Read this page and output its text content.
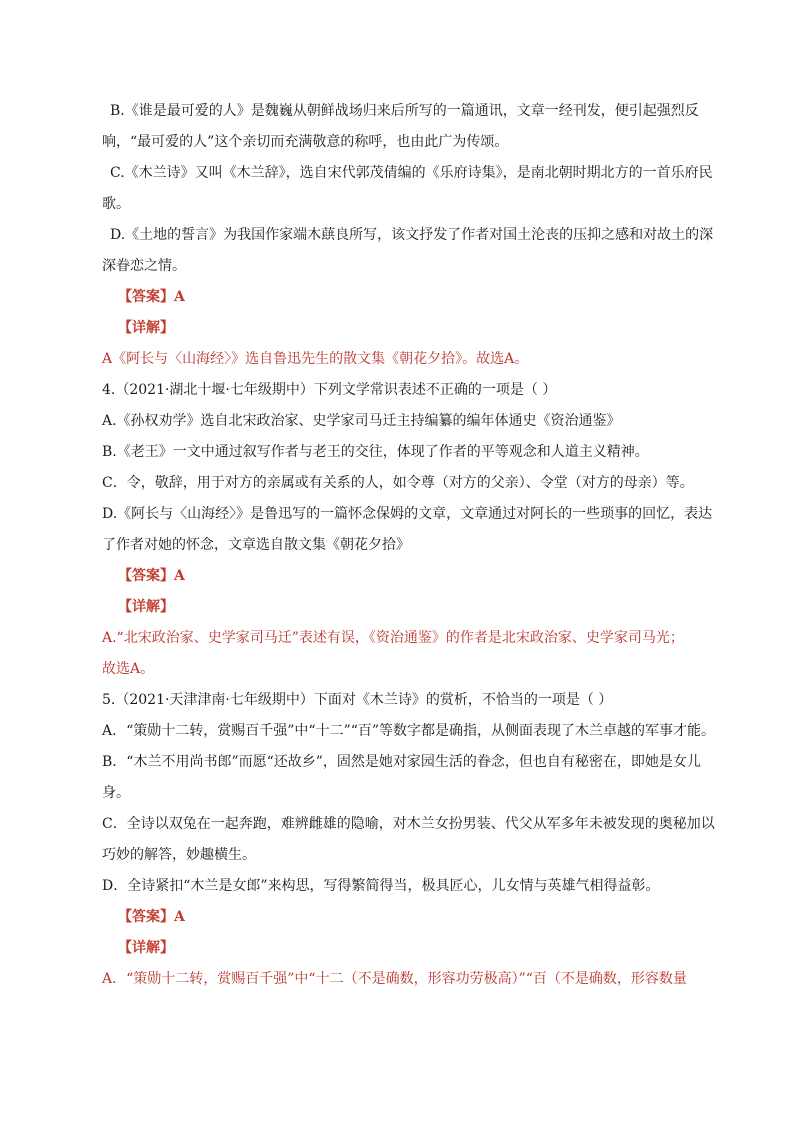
B.《谁是最可爱的人》是魏巍从朝鲜战场归来后所写的一篇通讯，文章一经刊发，便引起强烈反响，“最可爱的人”这个亲切而充满敬意的称呼，也由此广为传颂。

C.《木兰诗》又叫《木兰辞》，选自宋代郭茂倩编的《乐府诗集》，是南北朝时期北方的一首乐府民歌。

D.《土地的誓言》为我国作家端木蕻良所写，该文抒发了作者对国土沦丧的压抑之感和对故土的深深眷恋之情。

【答案】A

【详解】

A《阿长与〈山海经〉》选自鲁迅先生的散文集《朝花夕拾》。故选A。

4.（2021·湖北十堰·七年级期中）下列文学常识表述不正确的一项是（ ）

A.《孙权劝学》选自北宋政治家、史学家司马迁主持编纂的编年体通史《资治通鉴》

B.《老王》一文中通过叙写作者与老王的交往，体现了作者的平等观念和人道主义精神。

C．令，敬辞，用于对方的亲属或有关系的人，如令尊（对方的父亲）、令堂（对方的母亲）等。

D.《阿长与〈山海经〉》是鲁迅写的一篇怀念保姆的文章，文章通过对阿长的一些琐事的回忆，表达了作者对她的怀念，文章选自散文集《朝花夕拾》

【答案】A

【详解】

A.“北宋政治家、史学家司马迁”表述有误，《资治通鉴》的作者是北宋政治家、史学家司马光；

故选A。

5.（2021·天津津南·七年级期中）下面对《木兰诗》的赏析，不恰当的一项是（ ）

A．“策勋十二转，赏赐百千强”中“十二”“百”等数字都是确指，从侧面表现了木兰卓越的军事才能。

B．“木兰不用尚书郎”而愿“还故乡”，固然是她对家园生活的眷念，但也自有秘密在，即她是女儿身。

C．全诗以双兔在一起奔跑，难辨雌雄的隐喻，对木兰女扮男装、代父从军多年未被发现的奥秘加以巧妙的解答，妙趣横生。

D．全诗紧扣“木兰是女郎”来构思，写得繁简得当，极具匠心，儿女情与英雄气相得益彰。

【答案】A

【详解】

A．“策勋十二转，赏赐百千强”中“十二（不是确数，形容功劳极高）”“百（不是确数，形容数量
